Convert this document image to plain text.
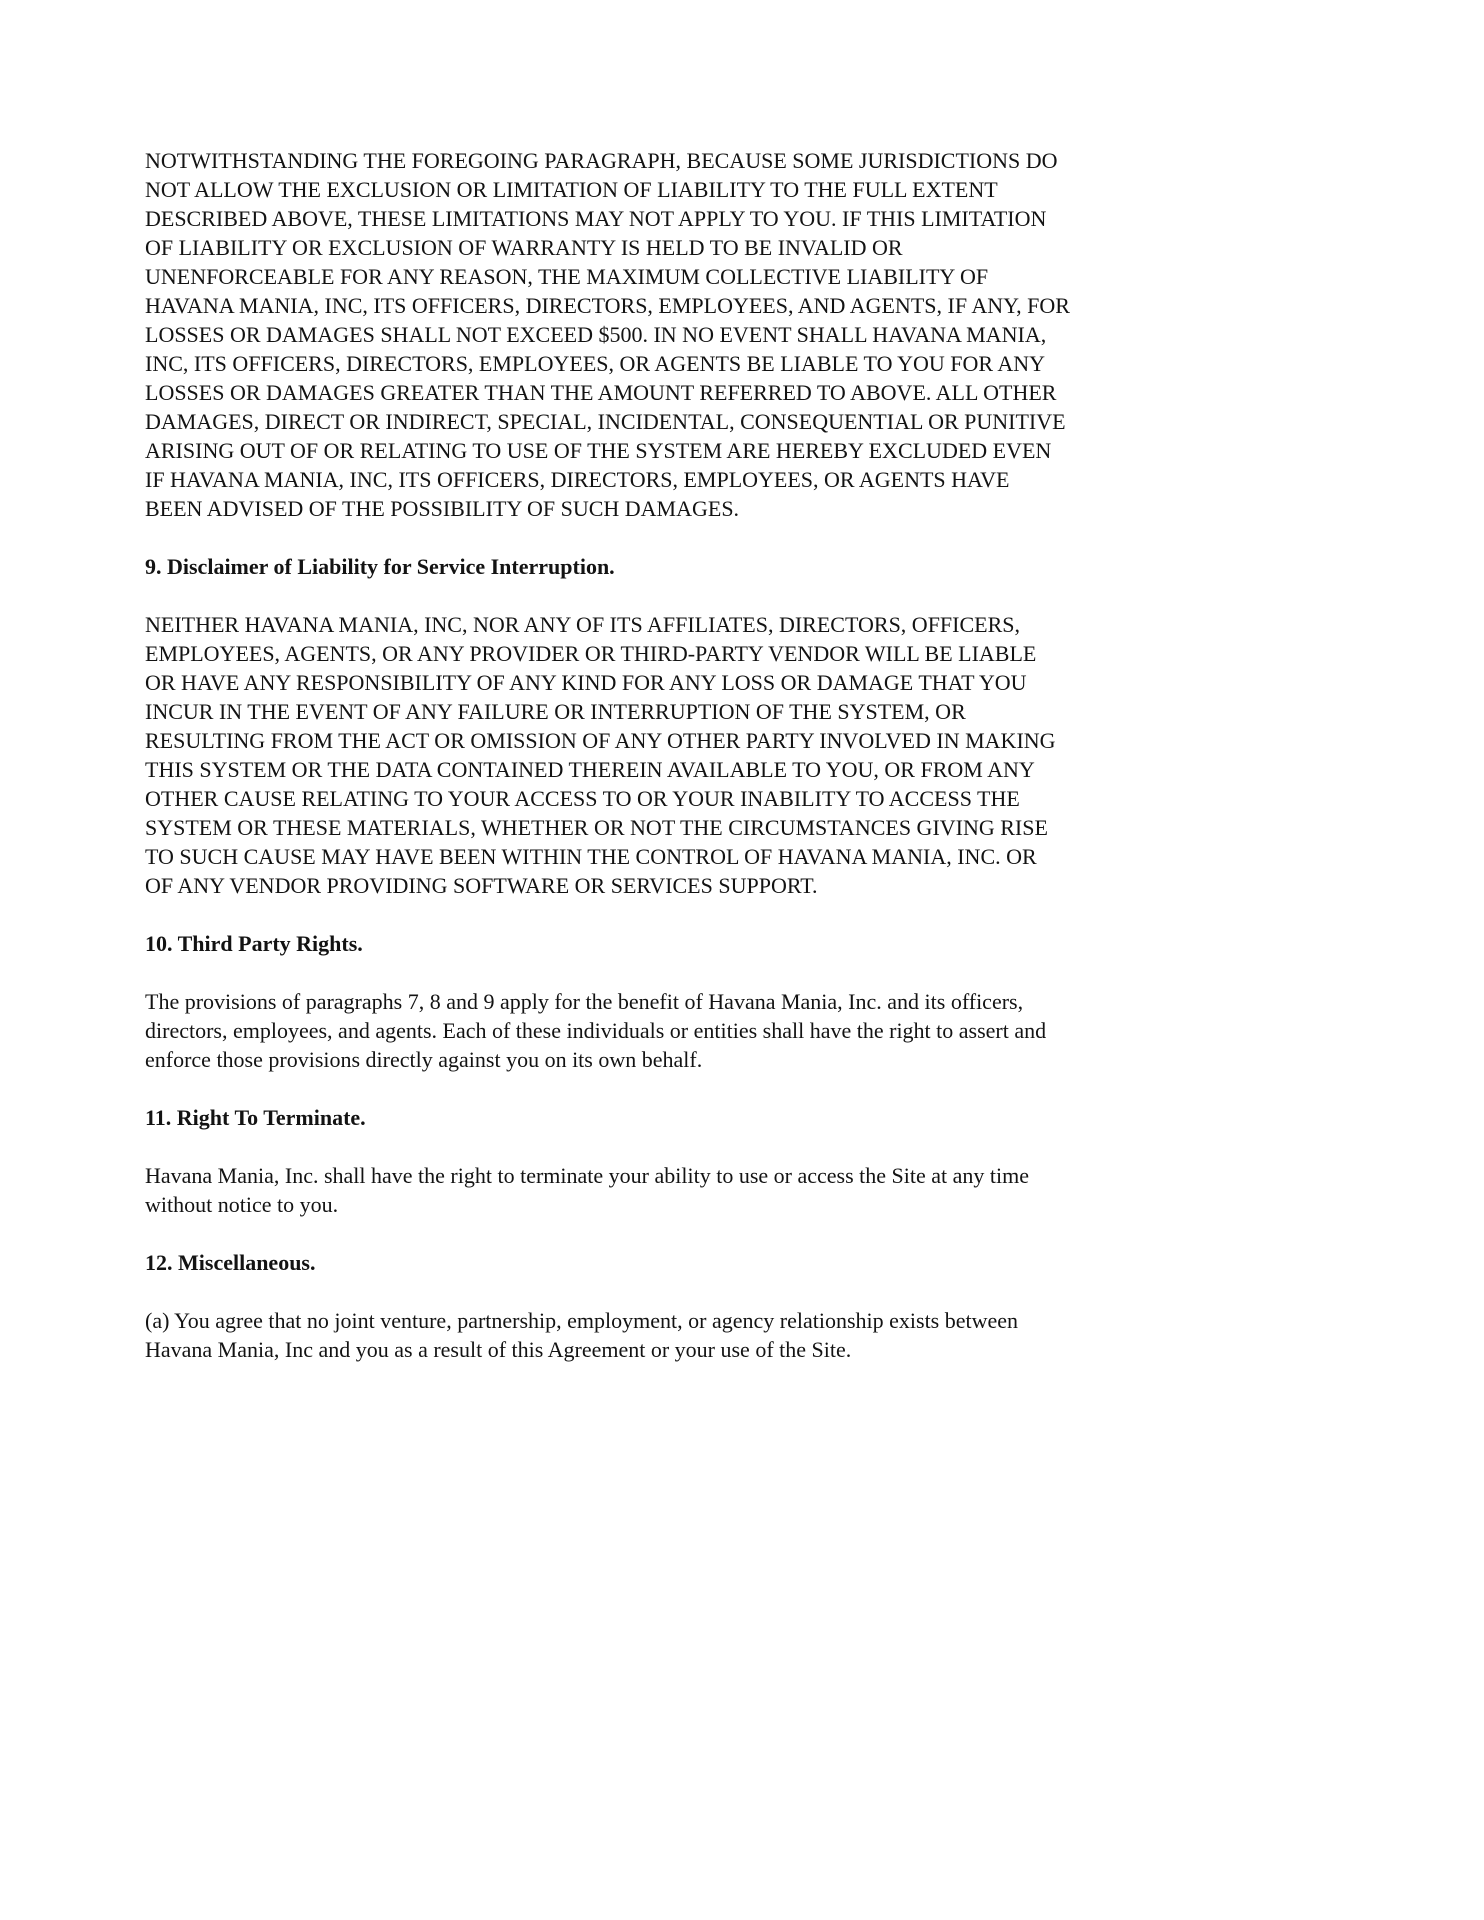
NOTWITHSTANDING THE FOREGOING PARAGRAPH, BECAUSE SOME JURISDICTIONS DO NOT ALLOW THE EXCLUSION OR LIMITATION OF LIABILITY TO THE FULL EXTENT DESCRIBED ABOVE, THESE LIMITATIONS MAY NOT APPLY TO YOU. IF THIS LIMITATION OF LIABILITY OR EXCLUSION OF WARRANTY IS HELD TO BE INVALID OR UNENFORCEABLE FOR ANY REASON, THE MAXIMUM COLLECTIVE LIABILITY OF HAVANA MANIA, INC, ITS OFFICERS, DIRECTORS, EMPLOYEES, AND AGENTS, IF ANY, FOR LOSSES OR DAMAGES SHALL NOT EXCEED $500. IN NO EVENT SHALL HAVANA MANIA, INC, ITS OFFICERS, DIRECTORS, EMPLOYEES, OR AGENTS BE LIABLE TO YOU FOR ANY LOSSES OR DAMAGES GREATER THAN THE AMOUNT REFERRED TO ABOVE. ALL OTHER DAMAGES, DIRECT OR INDIRECT, SPECIAL, INCIDENTAL, CONSEQUENTIAL OR PUNITIVE ARISING OUT OF OR RELATING TO USE OF THE SYSTEM ARE HEREBY EXCLUDED EVEN IF HAVANA MANIA, INC, ITS OFFICERS, DIRECTORS, EMPLOYEES, OR AGENTS HAVE BEEN ADVISED OF THE POSSIBILITY OF SUCH DAMAGES.

9. Disclaimer of Liability for Service Interruption.

NEITHER HAVANA MANIA, INC, NOR ANY OF ITS AFFILIATES, DIRECTORS, OFFICERS, EMPLOYEES, AGENTS, OR ANY PROVIDER OR THIRD-PARTY VENDOR WILL BE LIABLE OR HAVE ANY RESPONSIBILITY OF ANY KIND FOR ANY LOSS OR DAMAGE THAT YOU INCUR IN THE EVENT OF ANY FAILURE OR INTERRUPTION OF THE SYSTEM, OR RESULTING FROM THE ACT OR OMISSION OF ANY OTHER PARTY INVOLVED IN MAKING THIS SYSTEM OR THE DATA CONTAINED THEREIN AVAILABLE TO YOU, OR FROM ANY OTHER CAUSE RELATING TO YOUR ACCESS TO OR YOUR INABILITY TO ACCESS THE SYSTEM OR THESE MATERIALS, WHETHER OR NOT THE CIRCUMSTANCES GIVING RISE TO SUCH CAUSE MAY HAVE BEEN WITHIN THE CONTROL OF HAVANA MANIA, INC. OR OF ANY VENDOR PROVIDING SOFTWARE OR SERVICES SUPPORT.

10. Third Party Rights.

The provisions of paragraphs 7, 8 and 9 apply for the benefit of Havana Mania, Inc. and its officers, directors, employees, and agents. Each of these individuals or entities shall have the right to assert and enforce those provisions directly against you on its own behalf.

11. Right To Terminate.

Havana Mania, Inc. shall have the right to terminate your ability to use or access the Site at any time without notice to you.

12. Miscellaneous.

(a) You agree that no joint venture, partnership, employment, or agency relationship exists between Havana Mania, Inc and you as a result of this Agreement or your use of the Site.
